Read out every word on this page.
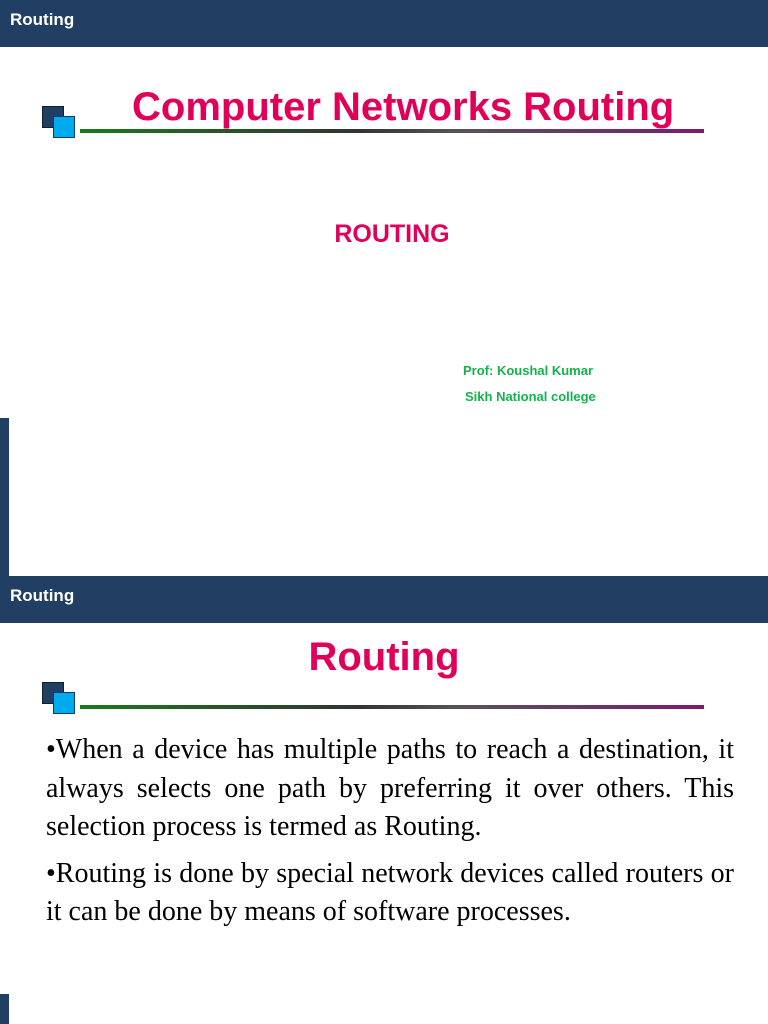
Routing
Computer Networks Routing
ROUTING
Prof: Koushal Kumar
Sikh National college
Routing
Routing

•When a device has multiple paths to reach a destination, it always selects one path by preferring it over others. This selection process is termed as Routing.

•Routing is done by special network devices called routers or it can be done by means of software processes.
